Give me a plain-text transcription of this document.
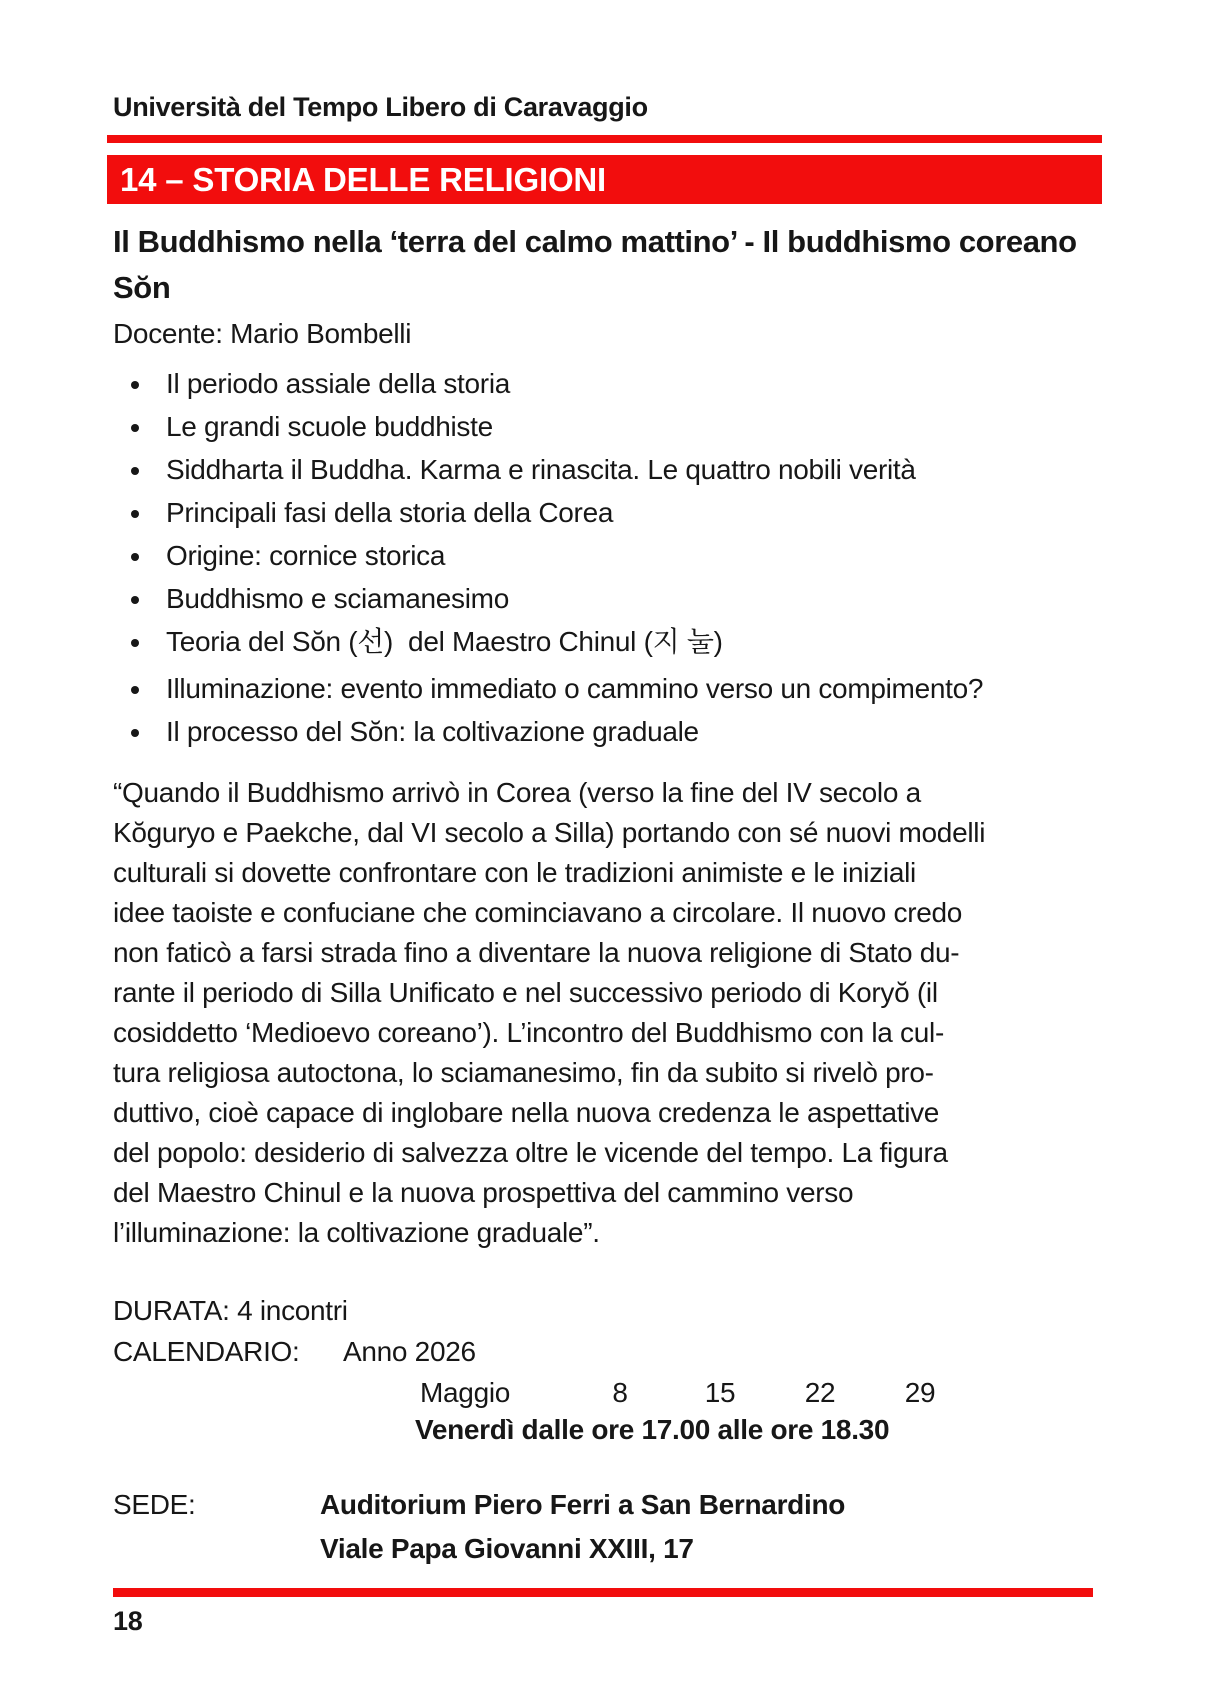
Università del Tempo Libero di Caravaggio
14 – STORIA DELLE RELIGIONI
Il Buddhismo nella ‘terra del calmo mattino’ - Il buddhismo coreano Sŏn
Docente: Mario Bombelli
Il periodo assiale della storia
Le grandi scuole buddhiste
Siddharta il Buddha. Karma e rinascita. Le quattro nobili verità
Principali fasi della storia della Corea
Origine: cornice storica
Buddhismo e sciamanesimo
Teoria del Sŏn (선)  del Maestro Chinul (지 눌)
Illuminazione: evento immediato o cammino verso un compimento?
Il processo del Sŏn: la coltivazione graduale
“Quando il Buddhismo arrivò in Corea (verso la fine del IV secolo a
Kŏguryo e Paekche, dal VI secolo a Silla) portando con sé nuovi modelli
culturali si dovette confrontare con le tradizioni animiste e le iniziali
idee taoiste e confuciane che cominciavano a circolare. Il nuovo credo
non faticò a farsi strada fino a diventare la nuova religione di Stato du-
rante il periodo di Silla Unificato e nel successivo periodo di Koryŏ (il
cosiddetto ‘Medioevo coreano’). L’incontro del Buddhismo con la cul-
tura religiosa autoctona, lo sciamanesimo, fin da subito si rivelò pro-
duttivo, cioè capace di inglobare nella nuova credenza le aspettative
del popolo: desiderio di salvezza oltre le vicende del tempo. La figura
del Maestro Chinul e la nuova prospettiva del cammino verso
l’illuminazione: la coltivazione graduale”.
DURATA: 4 incontri
CALENDARIO:	Anno 2026
Maggio	8	15	22	29
Venerdì dalle ore 17.00 alle ore 18.30
SEDE:	Auditorium Piero Ferri a San Bernardino
Viale Papa Giovanni XXIII, 17
18
